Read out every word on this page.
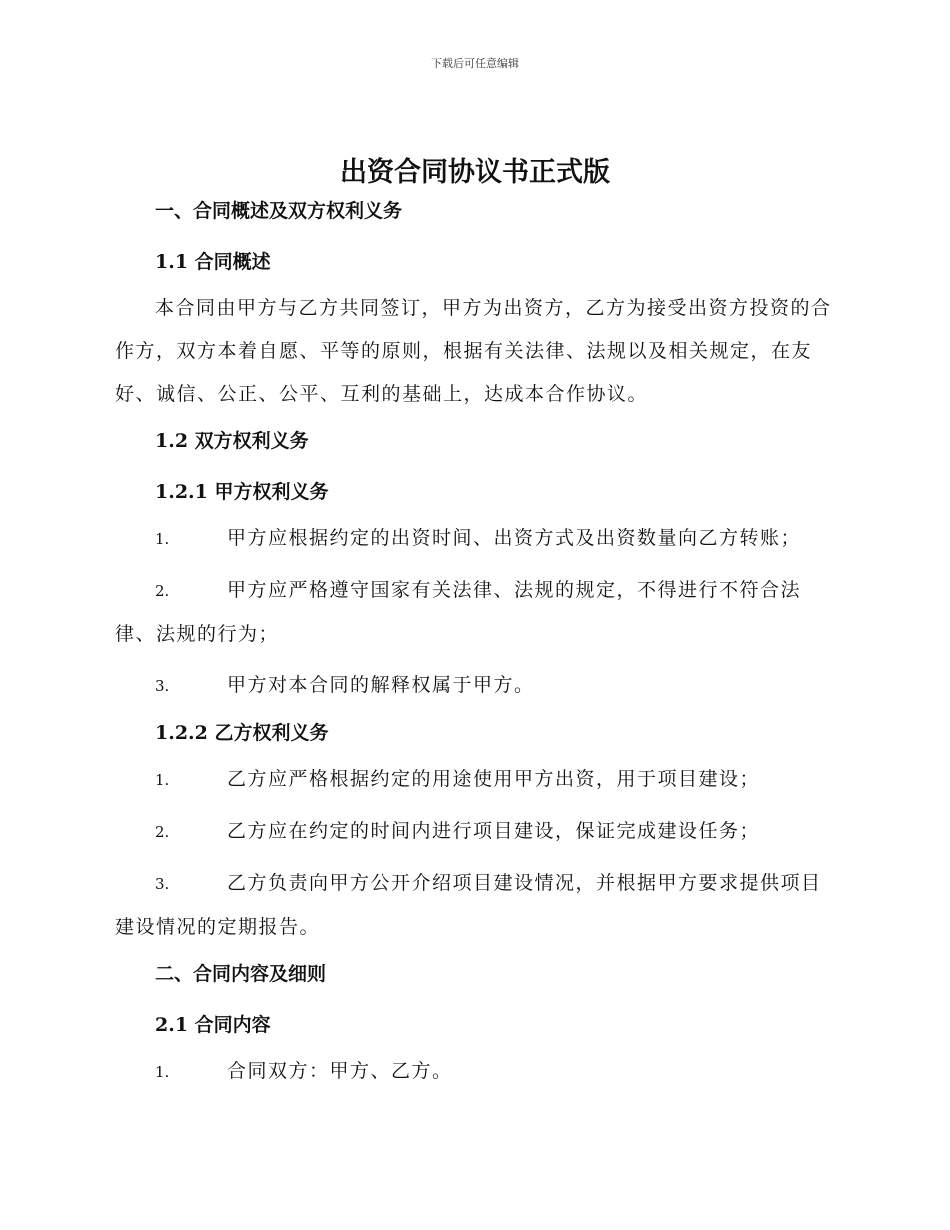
下载后可任意编辑
出资合同协议书正式版

一、合同概述及双方权利义务

1.1 合同概述

本合同由甲方与乙方共同签订，甲方为出资方，乙方为接受出资方投资的合作方，双方本着自愿、平等的原则，根据有关法律、法规以及相关规定，在友好、诚信、公正、公平、互利的基础上，达成本合作协议。

1.2 双方权利义务

1.2.1 甲方权利义务

1.	甲方应根据约定的出资时间、出资方式及出资数量向乙方转账；

2.	甲方应严格遵守国家有关法律、法规的规定，不得进行不符合法律、法规的行为；

3.	甲方对本合同的解释权属于甲方。

1.2.2 乙方权利义务

1.	乙方应严格根据约定的用途使用甲方出资，用于项目建设；

2.	乙方应在约定的时间内进行项目建设，保证完成建设任务；

3.	乙方负责向甲方公开介绍项目建设情况，并根据甲方要求提供项目建设情况的定期报告。

二、合同内容及细则

2.1 合同内容

1.	合同双方：甲方、乙方。
